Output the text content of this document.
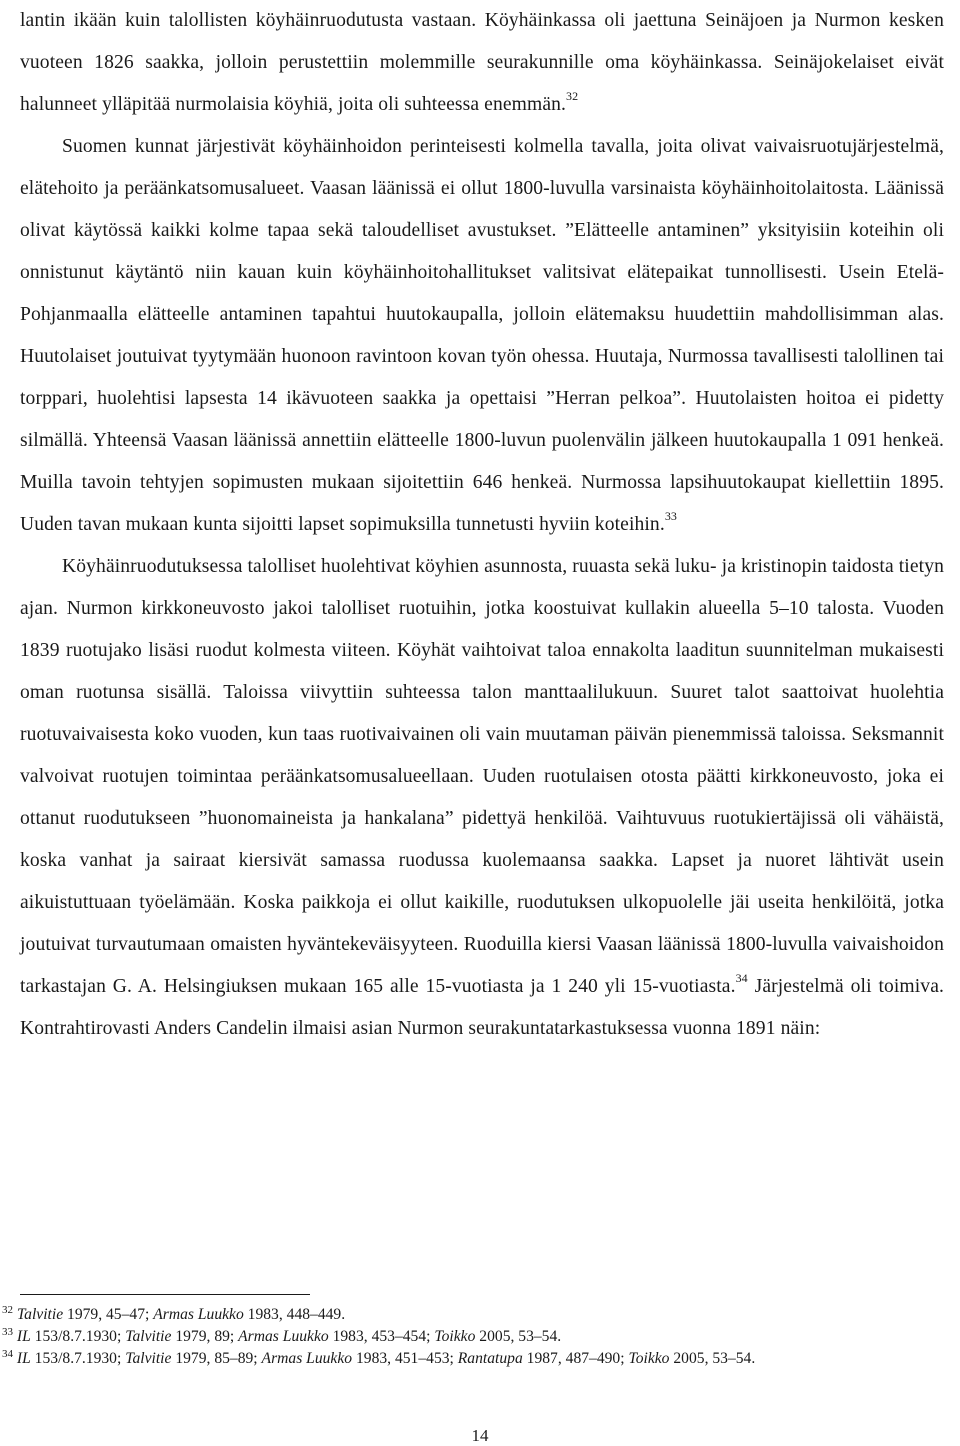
lantin ikään kuin talollisten köyhäinruodutusta vastaan. Köyhäinkassa oli jaettuna Seinäjoen ja Nurmon kesken vuoteen 1826 saakka, jolloin perustettiin molemmille seurakunnille oma köyhäinkassa. Seinäjokelaiset eivät halunneet ylläpitää nurmolaisia köyhiä, joita oli suhteessa enemmän.$^{32}$

Suomen kunnat järjestivät köyhäinhoidon perinteisesti kolmella tavalla, joita olivat vaivaisruotujärjestelmä, elätehoito ja peräänkatsomusalueet. Vaasan läänissä ei ollut 1800-luvulla varsinaista köyhäinhoitolaitosta. Läänissä olivat käytössä kaikki kolme tapaa sekä taloudelliset avustukset. ”Elätteelle antaminen” yksityisiin koteihin oli onnistunut käytäntö niin kauan kuin köyhäinhoitohallitukset valitsivat elätepaikat tunnollisesti. Usein Etelä-Pohjanmaalla elätteelle antaminen tapahtui huutokaupalla, jolloin elätemaksu huudettiin mahdollisimman alas. Huutolaiset joutuivat tyytymään huonoon ravintoon kovan työn ohessa. Huutaja, Nurmossa tavallisesti talollinen tai torppari, huolehtisi lapsesta 14 ikävuoteen saakka ja opettaisi ”Herran pelkoa”. Huutolaisten hoitoa ei pidetty silmällä. Yhteensä Vaasan läänissä annettiin elätteelle 1800-luvun puolenvälin jälkeen huutokaupalla 1 091 henkeä. Muilla tavoin tehtyjen sopimusten mukaan sijoitettiin 646 henkeä. Nurmossa lapsihuutokaupat kiellettiin 1895. Uuden tavan mukaan kunta sijoitti lapset sopimuksilla tunnetusti hyviin koteihin.$^{33}$

Köyhäinruodutuksessa talolliset huolehtivat köyhien asunnosta, ruuasta sekä luku- ja kristinopin taidosta tietyn ajan. Nurmon kirkkoneuvosto jakoi talolliset ruotuihin, jotka koostuivat kullakin alueella 5–10 talosta. Vuoden 1839 ruotujako lisäsi ruodut kolmesta viiteen. Köyhät vaihtoivat taloa ennakolta laaditun suunnitelman mukaisesti oman ruotunsa sisällä. Taloissa viivyttiin suhteessa talon manttaalilukuun. Suuret talot saattoivat huolehtia ruotuvaivaisesta koko vuoden, kun taas ruotivaivainen oli vain muutaman päivän pienemmissä taloissa. Seksmannit valvoivat ruotujen toimintaa peräänkatsomusalueellaan. Uuden ruotulaisen otosta päätti kirkkoneuvosto, joka ei ottanut ruodutukseen ”huonomaineista ja hankalana” pidettyä henkilöä. Vaihtuvuus ruotukiertäjissä oli vähäistä, koska vanhat ja sairaat kiersivät samassa ruodussa kuolemaansa saakka. Lapset ja nuoret lähtivät usein aikuistuttuaan työelämään. Koska paikkoja ei ollut kaikille, ruodutuksen ulkopuolelle jäi useita henkilöitä, jotka joutuivat turvautumaan omaisten hyväntekeväisyyteen. Ruoduilla kiersi Vaasan läänissä 1800-luvulla vaivaishoidon tarkastajan G. A. Helsingiuksen mukaan 165 alle 15-vuotiasta ja 1 240 yli 15-vuotiasta.$^{34}$ Järjestelmä oli toimiva. Kontrahtirovasti Anders Candelin ilmaisi asian Nurmon seurakuntatarkastuksessa vuonna 1891 näin:

$^{32}$ Talvitie 1979, 45–47; Armas Luukko 1983, 448–449.

$^{33}$ IL 153/8.7.1930; Talvitie 1979, 89; Armas Luukko 1983, 453–454; Toikko 2005, 53–54.

$^{34}$ IL 153/8.7.1930; Talvitie 1979, 85–89; Armas Luukko 1983, 451–453; Rantatupa 1987, 487–490; Toikko 2005, 53–54.

14
